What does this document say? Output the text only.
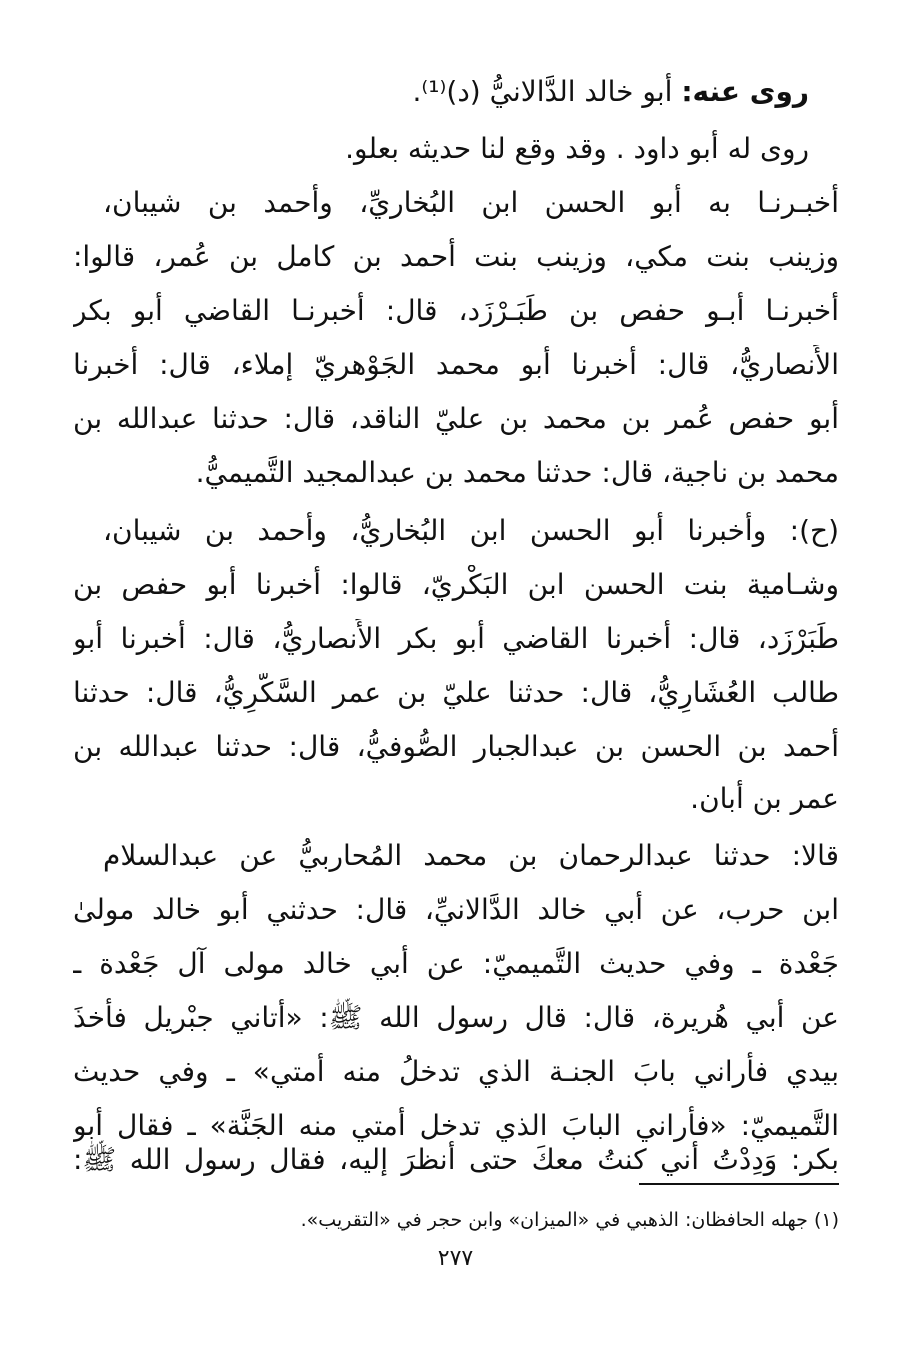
روى عنه: أبو خالد الدَّالانيُّ (د)⁽¹⁾.
روى له أبو داود . وقد وقع لنا حديثه بعلو.
أخبـرنـا به أبو الحسن ابن البُخاريِّ، وأحمد بن شيبان،
وزينب بنت مكي، وزينب بنت أحمد بن كامل بن عُمر، قالوا:
أخبرنـا أبـو حفص بن طَبَـرْزَد، قال: أخبرنـا القاضي أبو بكر
الأَنصاريُّ، قال: أخبرنا أبو محمد الجَوْهريّ إملاء، قال: أخبرنا
أبو حفص عُمر بن محمد بن عليّ الناقد، قال: حدثنا عبدالله بن
محمد بن ناجية، قال: حدثنا محمد بن عبدالمجيد التَّميميُّ.
(ح): وأخبرنا أبو الحسن ابن البُخاريُّ، وأحمد بن شيبان،
وشـامية بنت الحسن ابن البَكْريّ، قالوا: أخبرنا أبو حفص بن
طَبَرْزَد، قال: أخبرنا القاضي أبو بكر الأَنصاريُّ، قال: أخبرنا أبو
طالب العُشَارِيُّ، قال: حدثنا عليّ بن عمر السَّكَّرِيُّ، قال: حدثنا
أحمد بن الحسن بن عبدالجبار الصُّوفيُّ، قال: حدثنا عبدالله بن
عمر بن أَبان.
قالا: حدثنا عبدالرحمان بن محمد المُحاربيُّ عن عبدالسلام
ابن حرب، عن أبي خالد الدَّالانيِّ، قال: حدثني أبو خالد مولىٰ
جَعْدة ـ وفي حديث التَّميميّ: عن أبي خالد مولى آل جَعْدة ـ
عن أبي هُريرة، قال: قال رسول الله ﷺ: «أتاني جبْريل فأَخذَ
بيدي فأراني بابَ الجنـة الذي تدخلُ منه أُمتي» ـ وفي حديث
التَّميميّ: «فأَراني البابَ الذي تدخل أُمتي منه الجَنَّة» ـ فقال أبو
بكر: وَدِدْتُ أني كنتُ معكَ حتى أَنظرَ إليه، فقال رسول الله ﷺ:
(١) جهله الحافظان: الذهبي في «الميزان» وابن حجر في «التقريب».
٢٧٧
